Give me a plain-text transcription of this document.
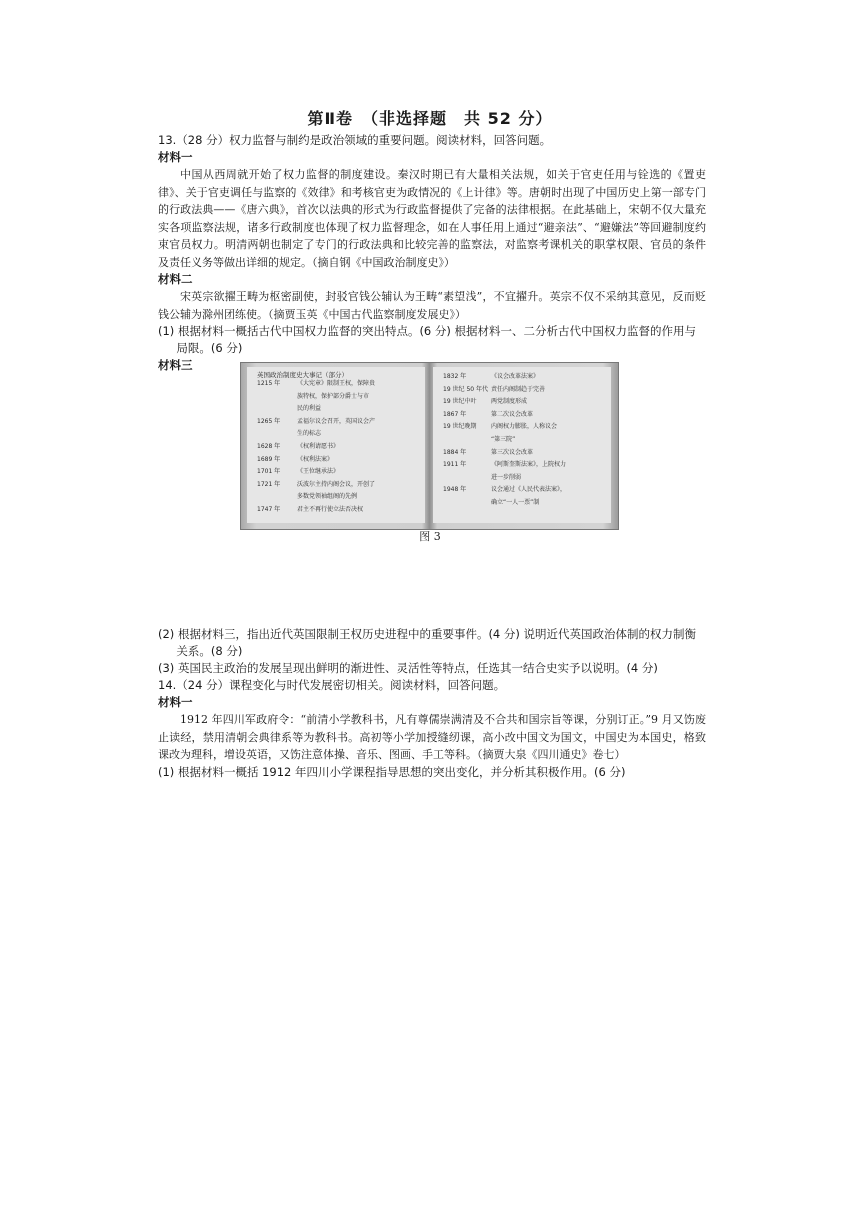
第Ⅱ卷　（非选择题　共 52 分）

13.（28 分）权力监督与制约是政治领域的重要问题。阅读材料，回答问题。

材料一

中国从西周就开始了权力监督的制度建设。秦汉时期已有大量相关法规，如关于官吏任用与铨选的《置吏律》、关于官吏调任与监察的《效律》和考核官吏为政情况的《上计律》等。唐朝时出现了中国历史上第一部专门的行政法典——《唐六典》，首次以法典的形式为行政监督提供了完备的法律根据。在此基础上，宋朝不仅大量充实各项监察法规，诸多行政制度也体现了权力监督理念，如在人事任用上通过“避亲法”、“避嫌法”等回避制度约束官员权力。明清两朝也制定了专门的行政法典和比较完善的监察法，对监察考课机关的职掌权限、官员的条件及责任义务等做出详细的规定。（摘自钢《中国政治制度史》）

材料二

宋英宗欲擢王畴为枢密副使，封驳官钱公辅认为王畴“素望浅”，不宜擢升。英宗不仅不采纳其意见，反而贬钱公辅为滁州团练使。（摘贾玉英《中国古代监察制度发展史》）

(1) 根据材料一概括古代中国权力监督的突出特点。(6 分) 根据材料一、二分析古代中国权力监督的作用与局限。(6 分)

材料三

英国政治制度史大事记（部分）
1215 年	《大宪章》限制王权，保障贵
族特权，保护部分爵士与市
民的利益
1265 年	孟福尔议会召开，英国议会产
生的标志
1628 年	《权利请愿书》
1689 年	《权利法案》
1701 年	《王位继承法》
1721 年	沃波尔主持内阁会议，开创了
多数党领袖组阁的先例
1747 年	君主不再行使立法否决权
1832 年	《议会改革法案》
19 世纪 50 年代 责任内阁制趋于完善
19 世纪中叶 两党制度形成
1867 年	第二次议会改革
19 世纪晚期 内阁权力膨胀，人称议会
“第三院”
1884 年	第三次议会改革
1911 年	《阿斯奎斯法案》，上院权力
进一步削弱
1948 年	议会通过《人民代表法案》，
确立“一人一票”制
图 3

(2) 根据材料三，指出近代英国限制王权历史进程中的重要事件。(4 分) 说明近代英国政治体制的权力制衡关系。(8 分)

(3) 英国民主政治的发展呈现出鲜明的渐进性、灵活性等特点，任选其一结合史实予以说明。(4 分)

14.（24 分）课程变化与时代发展密切相关。阅读材料，回答问题。

材料一

1912 年四川军政府令：“前清小学教科书，凡有尊儒崇满清及不合共和国宗旨等课，分别订正。”9 月又饬废止读经，禁用清朝会典律系等为教科书。高初等小学加授缝纫课，高小改中国文为国文，中国史为本国史，格致课改为理科，增设英语，又饬注意体操、音乐、图画、手工等科。（摘贾大泉《四川通史》卷七）

(1) 根据材料一概括 1912 年四川小学课程指导思想的突出变化，并分析其积极作用。(6 分)
